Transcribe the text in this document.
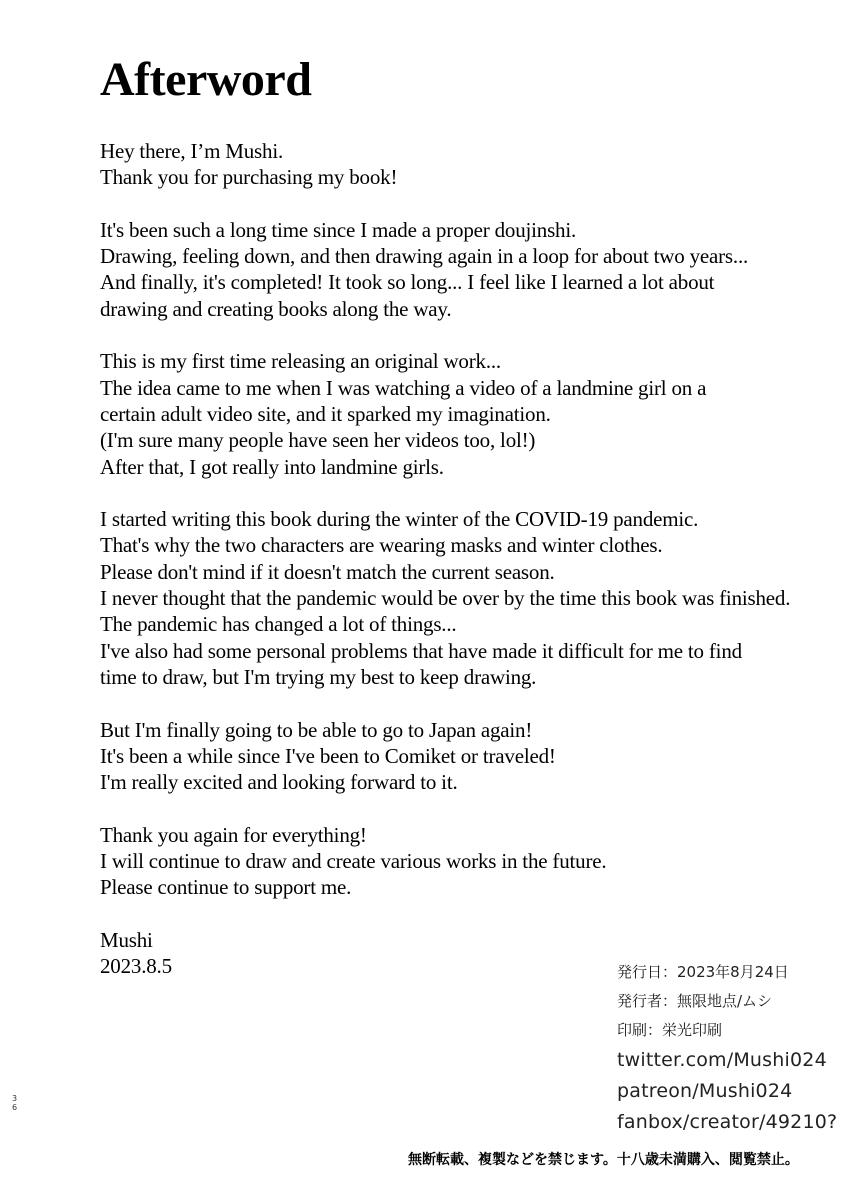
Afterword

Hey there, I’m Mushi.
Thank you for purchasing my book!

It's been such a long time since I made a proper doujinshi.
Drawing, feeling down, and then drawing again in a loop for about two years...
And finally, it's completed! It took so long... I feel like I learned a lot about
drawing and creating books along the way.

This is my first time releasing an original work...
The idea came to me when I was watching a video of a landmine girl on a
certain adult video site, and it sparked my imagination.
(I'm sure many people have seen her videos too, lol!)
After that, I got really into landmine girls.

I started writing this book during the winter of the COVID-19 pandemic.
That's why the two characters are wearing masks and winter clothes.
Please don't mind if it doesn't match the current season.
I never thought that the pandemic would be over by the time this book was finished.
The pandemic has changed a lot of things...
I've also had some personal problems that have made it difficult for me to find
time to draw, but I'm trying my best to keep drawing.

But I'm finally going to be able to go to Japan again!
It's been a while since I've been to Comiket or traveled!
I'm really excited and looking forward to it.

Thank you again for everything!
I will continue to draw and create various works in the future.
Please continue to support me.

Mushi
2023.8.5	発行日：2023年8月24日
発行者：無限地点/ムシ
印刷：栄光印刷
twitter.com/Mushi024
patreon/Mushi024
fanbox/creator/49210?
3
6
無断転載、複製などを禁じます。十八歳未満購入、閲覧禁止。
